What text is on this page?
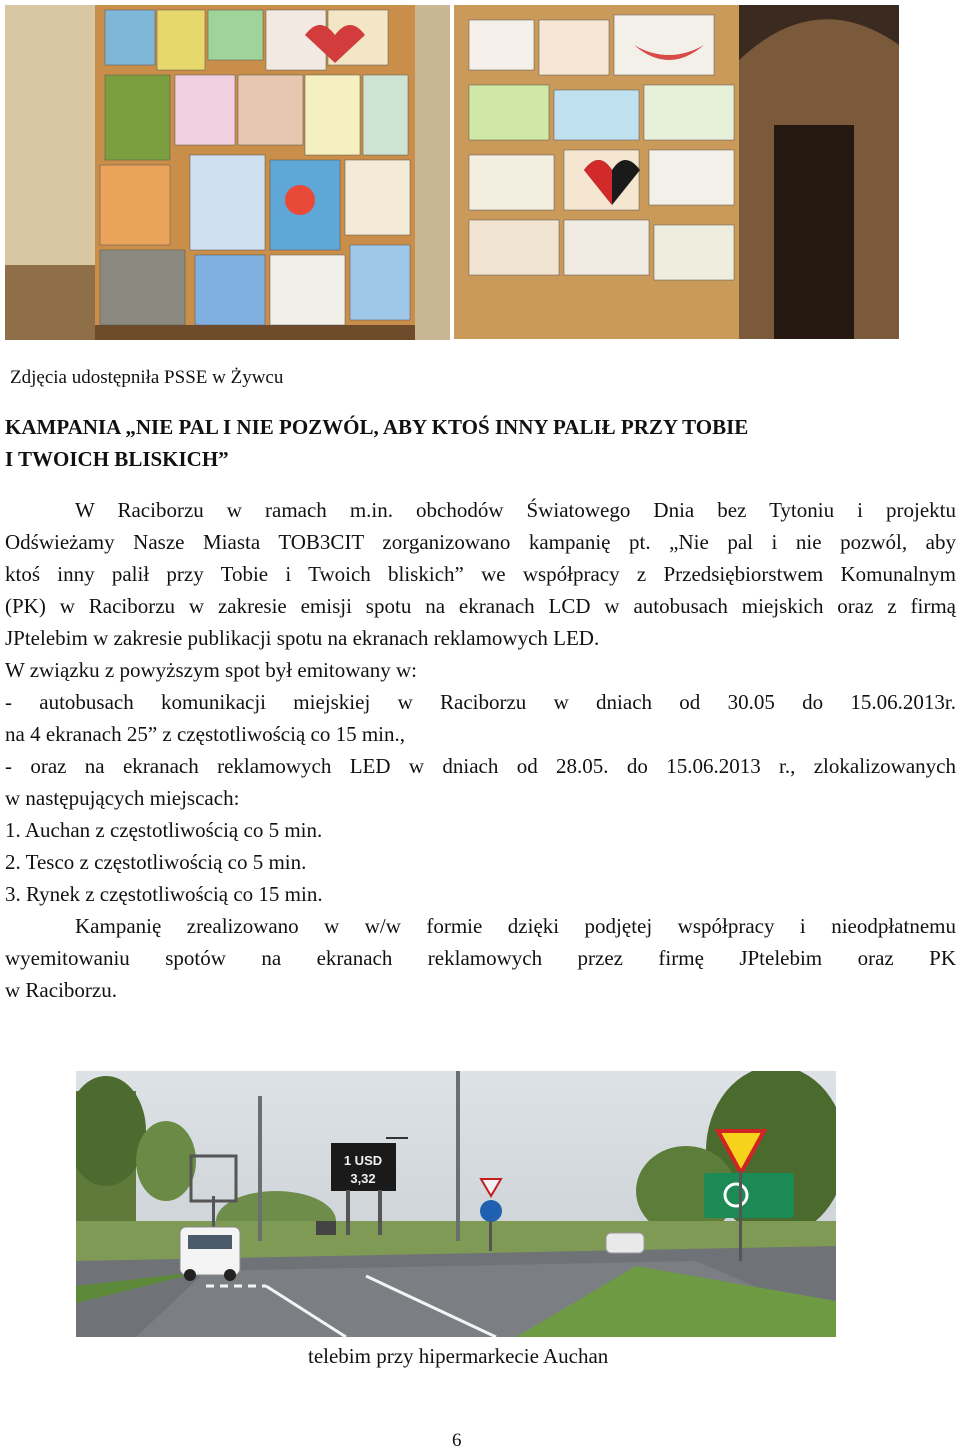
Zdjęcia udostępniła PSSE w Żywcu
KAMPANIA „NIE PAL I NIE POZWÓL, ABY KTOŚ INNY PALIŁ PRZY TOBIE
I TWOICH BLISKICH”
W Raciborzu w ramach m.in. obchodów Światowego Dnia bez Tytoniu i projektu
Odświeżamy Nasze Miasta TOB3CIT zorganizowano kampanię pt. „Nie pal i nie pozwól, aby
ktoś inny palił przy Tobie i Twoich bliskich” we współpracy z Przedsiębiorstwem Komunalnym
(PK) w Raciborzu w zakresie emisji spotu na ekranach LCD w autobusach miejskich oraz z firmą
JPtelebim w zakresie publikacji spotu na ekranach reklamowych LED.
W związku z powyższym spot był emitowany w:
- autobusach komunikacji miejskiej w Raciborzu w dniach od 30.05 do 15.06.2013r.
na 4 ekranach 25” z częstotliwością co 15 min.,
- oraz na ekranach reklamowych LED w dniach od 28.05. do 15.06.2013 r., zlokalizowanych
w następujących miejscach:
1. Auchan z częstotliwością co 5 min.
2. Tesco z częstotliwością co 5 min.
3. Rynek z częstotliwością co 15 min.
Kampanię zrealizowano w w/w formie dzięki podjętej współpracy i nieodpłatnemu
wyemitowaniu spotów na ekranach reklamowych przez firmę JPtelebim oraz PK
w Raciborzu.
1 USD
3,32
telebim przy hipermarkecie Auchan
6
